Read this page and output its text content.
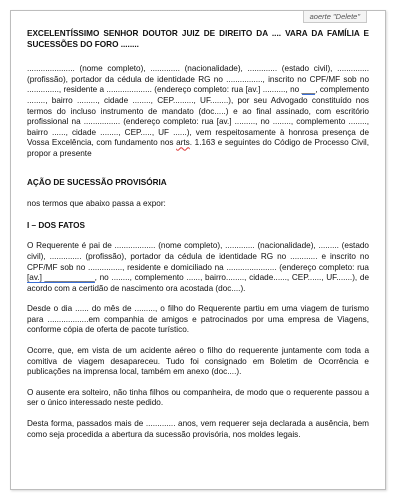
aoerte "Delete"

EXCELENTÍSSIMO SENHOR DOUTOR JUIZ DE DIREITO DA .... VARA DA FAMÍLIA E SUCESSÕES DO FORO ........

..................... (nome completo), ............. (nacionalidade), ............. (estado civil), .............. (profissão), portador da cédula de identidade RG no ................, inscrito no CPF/MF sob no .............., residente a .................... (endereço completo: rua [av.] .........., no ___, complemento ........, bairro ........., cidade ........, CEP........., UF........), por seu Advogado constituído nos termos do incluso instrumento de mandato (doc.....) e ao final assinado, com escritório profissional na ................ (endereço completo: rua [av.] ........., no ........, complemento ........, bairro ......, cidade ........, CEP....., UF ......), vem respeitosamente à honrosa presença de Vossa Excelência, com fundamento nos arts. 1.163 e seguintes do Código de Processo Civil, propor a presente

AÇÃO DE SUCESSÃO PROVISÓRIA

nos termos que abaixo passa a expor:

I – DOS FATOS

O Requerente é pai de .................. (nome completo), ............. (nacionalidade), ......... (estado civil), .............. (profissão), portador da cédula de identidade RG no ............ e inscrito no CPF/MF sob no ..............., residente e domiciliado na ...................... (endereço completo: rua [av.] ___________, no ........, complemento ......, bairro........, cidade......, CEP......, UF.......), de acordo com a certidão de nascimento ora acostada (doc....).

Desde o dia ...... do mês de ........., o filho do Requerente partiu em uma viagem de turismo para ..................em companhia de amigos e patrocinados por uma empresa de Viagens, conforme cópia de oferta de pacote turístico.

Ocorre, que, em vista de um acidente aéreo o filho do requerente juntamente com toda a comitiva de viagem desapareceu. Tudo foi consignado em Boletim de Ocorrência e publicações na imprensa local, também em anexo (doc....).

O ausente era solteiro, não tinha filhos ou companheira, de modo que o requerente passou a ser o único interessado neste pedido.

Desta forma, passados mais de ............. anos, vem requerer seja declarada a ausência, bem como seja procedida a abertura da sucessão provisória, nos moldes legais.
